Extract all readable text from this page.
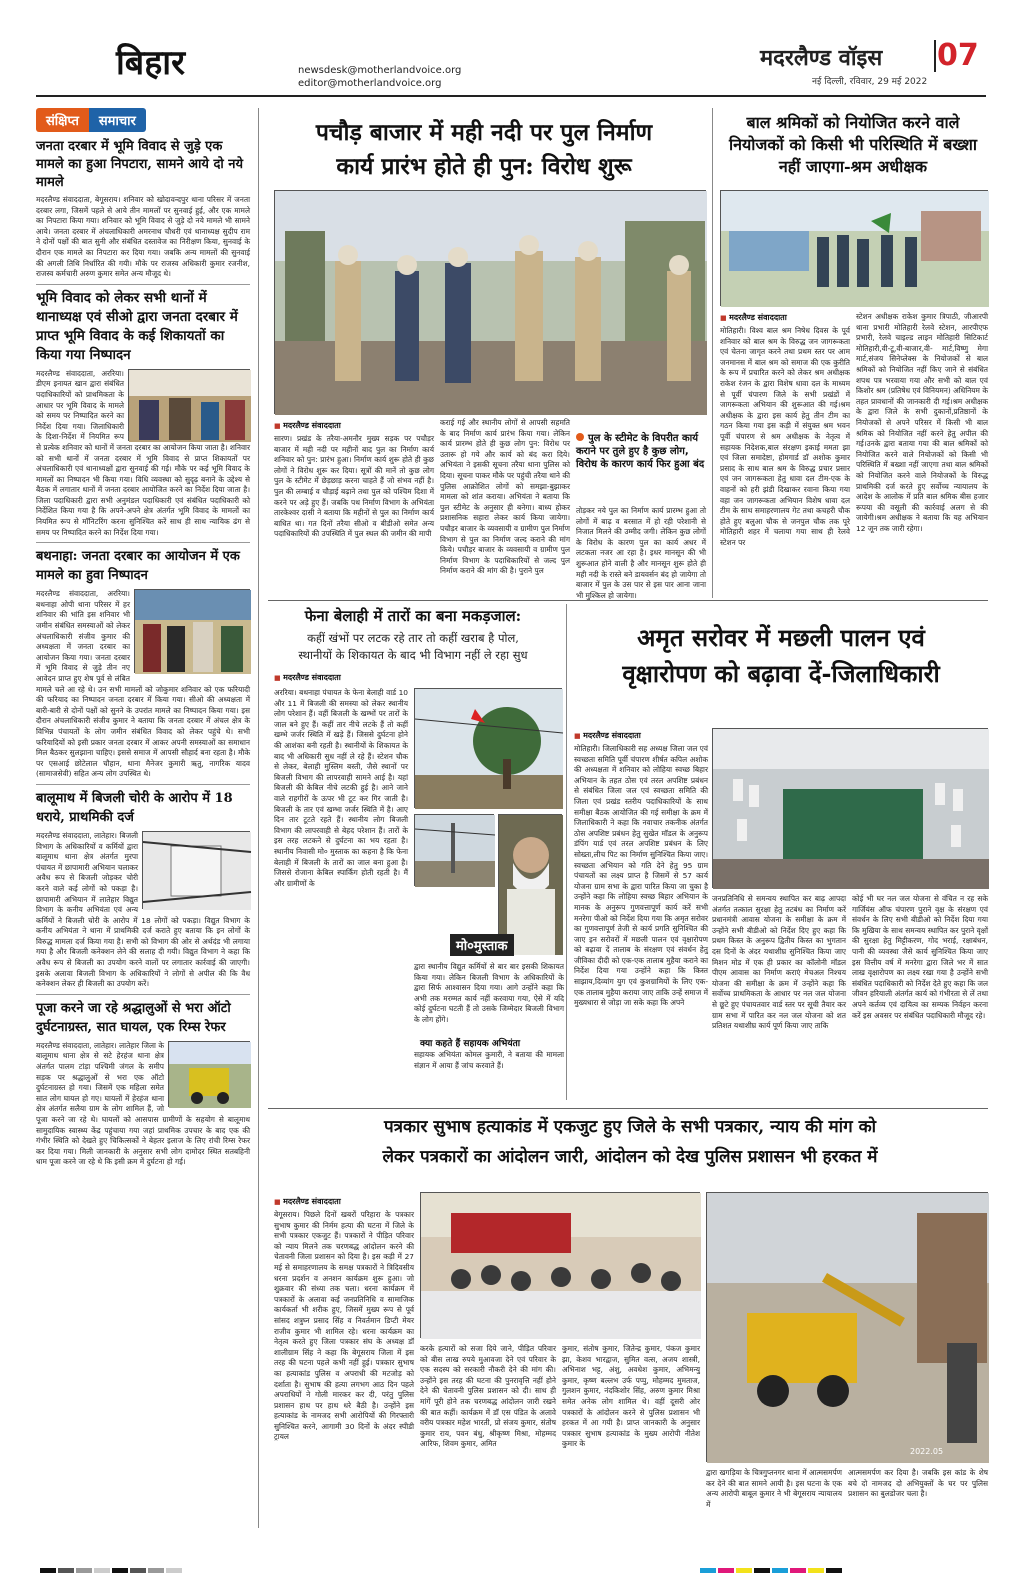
बिहार	newsdesk@motherlandvoice.org
editor@motherlandvoice.org
मदरलैण्ड वॉइस 07
नई दिल्ली, रविवार, 29 मई 2022
संक्षिप्त समाचार
जनता दरबार में भूमि विवाद से जुड़े एक मामले का हुआ निपटारा, सामने आये दो नये मामले
मदरलैण्ड संवाददाता, बेगूसराय। शनिवार को खोदावन्दपुर थाना परिसर में जनता दरबार लगा, जिसमें पहले से आये तीन मामलों पर सुनवाई हुई, और एक मामले का निपटारा किया गया। शनिवार को भूमि विवाद से जुड़े दो नये मामले भी सामने आये। जनता दरबार में अंचलाधिकारी अमरनाथ चौधरी एवं थानाध्यक्ष सुदीप राम ने दोनों पक्षों की बात सुनी और संबंधित दस्तावेज का निरीक्षण किया, सुनवाई के दौरान एक मामले का निपटारा कर दिया गया। जबकि अन्य मामलों की सुनवाई की अगली तिथि निर्धारित की गयी। मौके पर राजस्व अधिकारी कुमार रजनीश, राजस्व कर्मचारी अरुण कुमार समेत अन्य मौजूद थे।
भूमि विवाद को लेकर सभी थानों में थानाध्यक्ष एवं सीओ द्वारा जनता दरबार में प्राप्त भूमि विवाद के कई शिकायतों का किया गया निष्पादन
मदरलैण्ड संवाददाता, अररिया। डीएम इनायत खान द्वारा संबंधित पदाधिकारियों को प्राथमिकता के आधार पर भूमि विवाद के मामले को समय पर निष्पादित करने का निर्देश दिया गया। जिलाधिकारी के दिशा-निर्देश में नियमित रूप से प्रत्येक शनिवार को थानों में जनता दरबार का आयोजन किया जाता है। शनिवार को सभी थानों में जनता दरबार में भूमि विवाद से प्राप्त शिकायतों पर अंचलाधिकारी एवं थानाध्यक्षों द्वारा सुनवाई की गई। मौके पर कई भूमि विवाद के मामलों का निष्पादन भी किया गया। विधि व्यवस्था को सुदृढ़ बनाने के उद्देश्य से बैठक में लगातार थानों में जनता दरबार आयोजित करने का निर्देश दिया जाता है। जिला पदाधिकारी द्वारा सभी अनुमंडल पदाधिकारी एवं संबंधित पदाधिकारी को निर्देशित किया गया है कि अपने-अपने क्षेत्र अंतर्गत भूमि विवाद के मामलों का नियमित रूप से मॉनिटरिंग करना सुनिश्चित करें साथ ही साथ न्यायिक ढंग से समय पर निष्पादित करने का निर्देश दिया गया।
बथनाहा: जनता दरबार का आयोजन में एक मामले का हुवा निष्पादन
मदरलैण्ड संवाददाता, अररिया। बथनाहा ओपी थाना परिसर में हर शनिवार की भांति इस शनिवार भी जमीन संबंधित समस्याओं को लेकर अंचलाधिकारी संजीव कुमार की अध्यक्षता में जनता दरबार का आयोजन किया गया। जनता दरबार में भूमि विवाद से जुड़े तीन नए आवेदन प्राप्त हुए शेष पूर्व से लंबित मामले चले आ रहे थे। उन सभी मामलों को जोकुमार शनिवार को एक फरियादी की फरियाद का निष्पादन जनता दरबार में किया गया। सीओ की अध्यक्षता में बारी-बारी से दोनों पक्षों को सुनने के उपरांत मामले का निष्पादन किया गया। इस दौरान अंचलाधिकारी संजीव कुमार ने बताया कि जनता दरबार में अंचल क्षेत्र के विभिन्न पंचायतों के लोग जमीन संबंधित विवाद को लेकर पहुंचे थे। सभी फरियादियों को इसी प्रकार जनता दरबार में आकर अपनी समस्याओं का समाधान मिल बैठकर सुलझाना चाहिए। इससे समाज में आपसी सौहार्द बना रहता है। मौके पर एसआई छोटेलाल चौहान, थाना मैनेजर कुमारी ऋतु, नागरिक यादव (सामाजसेवी) सहित अन्य लोग उपस्थित थे।
बालूमाथ में बिजली चोरी के आरोप में 18 धराये, प्राथमिकी दर्ज
मदरलैण्ड संवाददाता, लातेहार। बिजली विभाग के अधिकारियों व कर्मियों द्वारा बालूमाथ थाना क्षेत्र अंतर्गत मुरपा पंचायत में छापामारी अभियान चलाकर अवैध रूप से बिजली जोड़कर चोरी करने वाले कई लोगों को पकड़ा है। छापामारी अभियान में लातेहार विद्युत विभाग के कनीय अभियंता एवं अन्य कर्मियों ने बिजली चोरी के आरोप में 18 लोगों को पकड़ा। विद्युत विभाग के कनीय अभियंता ने थाना में प्राथमिकी दर्ज कराते हुए बताया कि इन लोगों के विरुद्ध मामला दर्ज किया गया है। सभी को विभाग की ओर से अर्थदंड भी लगाया गया है और बिजली कनेक्शन लेने की सलाह दी गयी। विद्युत विभाग ने कहा कि अवैध रूप से बिजली का उपयोग करने वालों पर लगातार कार्रवाई की जाएगी। इसके अलावा बिजली विभाग के अधिकारियों ने लोगों से अपील की कि वैध कनेक्शन लेकर ही बिजली का उपयोग करें।
पूजा करने जा रहे श्रद्धालुओं से भरा ऑटो दुर्घटनाग्रस्त, सात घायल, एक रिम्स रेफर
मदरलैण्ड संवाददाता, लातेहार। लातेहार जिला के बालूमाथ थाना क्षेत्र से सटे हेरहंज थाना क्षेत्र अंतर्गत पालम टांड़ा पश्चिमी जंगल के समीप सड़क पर श्रद्धालुओं से भरा एक ऑटो दुर्घटनाग्रस्त हो गया। जिसमें एक महिला समेत सात लोग घायल हो गए। घायलों में हेरहंज थाना क्षेत्र अंतर्गत सलैया ग्राम के लोग शामिल हैं, जो पूजा करने जा रहे थे। घायलों को आसपास ग्रामीणों के सहयोग से बालूमाथ सामुदायिक स्वास्थ्य केंद्र पहुंचाया गया जहां प्राथमिक उपचार के बाद एक की गंभीर स्थिति को देखते हुए चिकित्सकों ने बेहतर इलाज के लिए रांची रिम्स रेफर कर दिया गया। मिली जानकारी के अनुसार सभी लोग दामोदर स्थित सतबहिनी धाम पूजा करने जा रहे थे कि इसी क्रम में दुर्घटना हो गई।
पचौड़ बाजार में मही नदी पर पुल निर्माण
कार्य प्रारंभ होते ही पुन: विरोध शुरू
■ मदरलैण्ड संवाददाता
सारण। प्रखंड के तरैया-अमनौर मुख्य सड़क पर पचौड़र बाजार में मही नदी पर महीनों बाद पुल का निर्माण कार्य शनिवार को पुन: प्रारंभ हुआ। निर्माण कार्य शुरू होते ही कुछ लोगों ने विरोध शुरू कर दिया। सूत्रों की मानें तो कुछ लोग पुल के स्टीमेट में छेड़छाड़ करना चाहते हैं जो संभव नहीं है। पुल की लम्बाई व चौड़ाई बढ़ाने तथा पुल को पश्चिम दिशा में करने पर अड़े हुए हैं। जबकि पथ निर्माण विभाग के अभियंता तारकेश्वर दासी ने बताया कि महीनों से पुल का निर्माण कार्य बाधित था। गत दिनों तरैया सीओ व बीडीओ समेत अन्य पदाधिकारियों की उपस्थिति में पुल स्थल की जमीन की मापी
कराई गई और स्थानीय लोगों से आपसी सहमति के बाद निर्माण कार्य प्रारंभ किया गया। लेकिन कार्य प्रारम्भ होते ही कुछ लोग पुन: विरोध पर उतारू हो गये और कार्य को बंद करा दिये। अभियंता ने इसकी सूचना तरैया थाना पुलिस को दिया। सूचना पाकर मौके पर पहुंची तरैया थाने की पुलिस आक्रोशित लोगों को समझा-बुझाकर मामला को शांत कराया। अभियंता ने बताया कि पुल स्टीमेट के अनुसार ही बनेगा। बाध्य होकर प्रशासनिक सहारा लेकर कार्य किया जायेगा। पचौड़र बाजार के व्यवसायी व ग्रामीण पुल निर्माण विभाग से पुल का निर्माण जल्द कराने की मांग किये। पचौड़र बाजार के व्यवसायी व ग्रामीण पुल निर्माण विभाग के पदाधिकारियों से जल्द पुल निर्माण कराने की मांग की है। पुराने पुल
पुल के स्टीमेट के विपरीत कार्य कराने पर तुले हुए है कुछ लोग, विरोध के कारण कार्य फिर हुआ बंद
तोड़कर नये पुल का निर्माण कार्य प्रारम्भ हुआ तो लोगों में बाढ़ व बरसात में हो रही परेशानी से निजात मिलने की उम्मीद जगी। लेकिन कुछ लोगों के विरोध के कारण पुल का कार्य अधर में लटकता नजर आ रहा है। इधर मानसून की भी शुरूआत होने वाली है और मानसून शुरू होते ही मही नदी के रास्ते बने डायवर्सन बंद हो जायेगा तो बाजार में पुल के उस पार से इस पार आना जाना भी मुश्किल हो जायेगा।
बाल श्रमिकों को नियोजित करने वाले नियोजकों को किसी भी परिस्थिति में बख्शा नहीं जाएगा-श्रम अधीक्षक
■ मदरलैण्ड संवाददाता
मोतिहारी। विश्व बाल श्रम निषेध दिवस के पूर्व शनिवार को बाल श्रम के विरुद्ध जन जागरूकता एवं चेतना जागृत करने तथा प्रथम स्तर पर आम जनमानस में बाल श्रम को समाज की एक कुरीति के रूप में प्रचारित करने को लेकर श्रम अधीक्षक राकेश रंजन के द्वारा विशेष धावा दल के माध्यम से पूर्वी चंपारण जिले के सभी प्रखंडों में जागरूकता अभियान की शुरूआत की गई।श्रम अधीक्षक के द्वारा इस कार्य हेतु तीन टीम का गठन किया गया इस कड़ी में संयुक्त श्रम भवन पूर्वी चंपारण से श्रम अधीक्षक के नेतृत्व में सहायक निदेशक,बाल संरक्षण इकाई ममता झा एवं जिला समादेष्टा, होमगार्ड डॉ अशोक कुमार प्रसाद के साथ बाल श्रम के विरुद्ध प्रचार प्रसार एवं जन जागरूकता हेतु धावा दल टीम-एक के वाहनों को हरी झंडी दिखाकर रवाना किया गया वहा जन जागरूकता अभियान विशेष धावा दल टीम के साथ समाहरणालय गेट तथा कचहरी चौक होते हुए बलुआ चौक से जनपुल चौक तक पूरे मोतिहारी शहर में चलाया गया साथ ही रेलवे स्टेशन पर
स्टेशन अधीक्षक राकेश कुमार त्रिपाठी, जीआरपी थाना प्रभारी मोतिहारी रेलवे स्टेशन, आरपीएफ प्रभारी, रेलवे चाइल्ड लाइन मोतिहारी सिटिकार्ट मोतिहारी,वी-टू,वी-बाजार,वी- मार्ट,विष्णु मेगा मार्ट,संजय सिनेप्लेक्स के नियोजकों से बाल श्रमिकों को नियोजित नहीं किए जाने से संबंधित शपथ पत्र भरवाया गया और सभी को बाल एवं किशोर श्रम (प्रतिषेध एवं विनियमन) अधिनियम के तहत प्रावधानों की जानकारी दी गई।श्रम अधीक्षक के द्वारा जिले के सभी दुकानों,प्रतिष्ठानों के नियोजकों से अपने परिसर में किसी भी बाल श्रमिक को नियोजित नहीं करने हेतु अपील की गई।उनके द्वारा बताया गया की बाल श्रमिकों को नियोजित करने वाले नियोजकों को किसी भी परिस्थिति में बख्शा नहीं जाएगा तथा बाल श्रमिकों को नियोजित करने वाले नियोजकों के विरुद्ध प्राथमिकी दर्ज करते हुए सर्वोच्च न्यायालय के आदेश के आलोक में प्रति बाल श्रमिक बीस हजार रूपया की वसूली की कार्रवाई अलग से की जायेगी।श्रम अधीक्षक ने बताया कि यह अभियान 12 जून तक जारी रहेगा।
फेना बेलाही में तारों का बना मकड़जाल:
कहीं खंभों पर लटक रहे तार तो कहीं खराब है पोल,
स्थानीयों के शिकायत के बाद भी विभाग नहीं ले रहा सुध
■ मदरलैण्ड संवाददाता
अररिया। बथनाहा पंचायत के फेना बेलाही वार्ड 10 और 11 में बिजली की समस्या को लेकर स्थानीय लोग परेशान हैं। वहीं बिजली के खम्भों पर तारों के जाल बने हुए हैं। कहीं तार नीचे लटके हैं तो कहीं खम्भे जर्जर स्थिति में खड़े हैं। जिससे दुर्घटना होने की आशंका बनी रहती है। स्थानीयों के शिकायत के बाद भी अधिकारी सुध नहीं ले रहे हैं। स्टेशन चौक से लेकर, बेलाही मुस्लिम बस्ती, जैसे स्थानों पर बिजली विभाग की लापरवाही सामने आई है। यहां बिजली की केबिल नीचे लटकी हुई है। आने जाने वाले राहगीरों के ऊपर भी टूट कर गिर जाती है। बिजली के तार एवं खम्भा जर्जर स्थिति में है। आए दिन तार टूटते रहते हैं। स्थानीय लोग बिजली विभाग की लापरवाही से बेहद परेशान हैं। तारों के इस तरह लटकने से दुर्घटना का भय रहता है। स्थानीय निवासी मो० मुस्ताक का कहना है कि फेना बेलाही में बिजली के तारों का जाल बना हुआ है। जिससे रोजाना केबिल स्पार्किंग होती रहती है। मैं और ग्रामीणों के
मो०मुस्ताक
द्वारा स्थानीय विद्युत कर्मियों से बार बार इसकी शिकायत किया गया। लेकिन बिजली विभाग के अधिकारियों के द्वारा सिर्फ आश्वासन दिया गया। आगे उन्होंने कहा कि अभी तक मरम्मत कार्य नहीं करवाया गया, ऐसे में यदि कोई दुर्घटना घटती हैं तो उसके जिम्मेदार बिजली विभाग के लोग होंगे।
क्या कहते हैं सहायक अभियंता
सहायक अभियंता कोमल कुमारी, ने बताया की मामला संज्ञान में आया हैं जांच करवाते हैं।
अमृत सरोवर में मछली पालन एवं
वृक्षारोपण को बढ़ावा दें-जिलाधिकारी
■ मदरलैण्ड संवाददाता
मोतिहारी। जिलाधिकारी सह अध्यक्ष जिला जल एवं स्वच्छता समिति पूर्वी चंपारण शीर्षत कपिल अशोक की अध्यक्षता में शनिवार को लोहिया स्वच्छ बिहार अभियान के तहत ठोस एवं तरल अपशिष्ट प्रबंधन से संबंधित जिला जल एवं स्वच्छता समिति की जिला एवं प्रखंड स्तरीय पदाधिकारियों के साथ समीक्षा बैठक आयोजित की गई समीक्षा के क्रम में जिलाधिकारी ने कहा कि नवाचार तकनीक अंतर्गत ठोस अपशिष्ट प्रबंधन हेतु सुखेत मॉडल के अनुरूप डंपिंग यार्ड एवं तरल अपशिष्ट प्रबंधन के लिए सोख्ता,लीच पिट का निर्माण सुनिश्चित किया जाए।स्वच्छता अभियान को गति देने हेतु 95 ग्राम पंचायतों का लक्ष्य प्राप्त है जिसमें से 57 कार्य योजना ग्राम सभा के द्वारा पारित किया जा चुका है उन्होंने कहा कि लोहिया स्वच्छ बिहार अभियान के मानक के अनुरूप गुणवत्तापूर्ण कार्य करें सभी मनरेगा पीओ को निर्देश दिया गया कि अमृत सरोवर का गुणवत्तापूर्ण तेजी से कार्य प्रगति सुनिश्चित की जाए इन सरोवरों में मछली पालन एवं वृक्षारोपण को बढ़ावा दें तालाब के संरक्षण एवं संवर्धन हेतु जीविका दीदी को एक-एक तालाब मुहैया कराने का निर्देश दिया गया उन्होंने कहा कि किस्त साझाय,दिव्यांग युग एवं कुशग्रामियों के लिए एक-एक तालाब मुहैया कराया जाए ताकि उन्हें समाज में मुख्यधारा से जोड़ा जा सके कहा कि अपने
जनप्रतिनिधि से समन्वय स्थापित कर बाढ़ आपदा अंतर्गत तत्काल सुरक्षा हेतु तटबंध का निर्माण करें प्रधानमंत्री आवास योजना के समीक्षा के क्रम में उन्होंने सभी बीडीओ को निर्देश दिए हुए कहा कि प्रथम किस्त के अनुरूप द्वितीय किस्त का भुगतान दस दिनों के अंदर यथाशीघ्र सुनिश्चित किया जाए मिशन मोड में एक ही प्रकार का कॉलोनी मॉडल पीएम आवास का निर्माण कराएं मेचअल निश्चय योजना की समीक्षा के क्रम में उन्होंने कहा कि सर्वोच्च प्राथमिकता के आधार पर नल जल योजना से छूटे हुए पंचायतवार वार्ड स्तर पर सूची तैयार कर ग्राम सभा में पारित कर नल जल योजना को शत प्रतिशत यथाशीघ्र कार्य पूर्ण किया जाए ताकि
कोई भी घर नल जल योजना से वंचित न रह सके गार्जियंस ऑफ चंपारण पुराने वृक्ष के संरक्षण एवं संवर्धन के लिए सभी बीडीओ को निर्देश दिया गया कि मुखिया के साथ समन्वय स्थापित कर पुराने वृक्षों की सुरक्षा हेतु मिट्टीकरण, गोद भराई, रक्षाबंधन, पानी की व्यवस्था जैसे कार्य सुनिश्चित किया जाए इस वित्तीय वर्ष में मनरेगा द्वारा जिले भर में सात लाख वृक्षारोपण का लक्ष्य रखा गया है उन्होंने सभी संबंधित पदाधिकारी को निर्देश देते हुए कहा कि जल जीवन हरियाली अंतर्गत कार्य को गंभीरता से लें तथा अपने कर्तव्य एवं दायित्व का सम्यक निर्वहन करना करें इस अवसर पर संबंधित पदाधिकारी मौजूद रहे।
पत्रकार सुभाष हत्याकांड में एकजुट हुए जिले के सभी पत्रकार, न्याय की मांग को
लेकर पत्रकारों का आंदोलन जारी, आंदोलन को देख पुलिस प्रशासन भी हरकत में
■ मदरलैण्ड संवाददाता
बेगूसराय। पिछले दिनों खबरों परिहारा के पत्रकार सुभाष कुमार की निर्मम हत्या की घटना में जिले के सभी पत्रकार एकजुट हैं। पत्रकारों ने पीड़ित परिवार को न्याय मिलने तक चरणबद्ध आंदोलन करने की चेतावनी जिला प्रशासन को दिया है। इस कड़ी में 27 मई से समाहरणालय के समक्ष पत्रकारों ने त्रिदिवसीय धरना प्रदर्शन व अनशन कार्यक्रम शुरू हुआ। जो शुक्रवार की संध्या तक चला। धरना कार्यक्रम में पत्रकारों के अलावा कई जनप्रतिनिधि व सामाजिक कार्यकर्ता भी शरीक हुए, जिसमें मुख्य रूप से पूर्व सांसद शत्रुघ्न प्रसाद सिंह व निवर्तमान डिप्टी मेयर राजीव कुमार भी शामिल रहे। धरना कार्यक्रम का नेतृत्व करते हुए जिला पत्रकार संघ के अध्यक्ष डॉ शालीग्राम सिंह ने कहा कि बेगूसराय जिला में इस तरह की घटना पहले कभी नहीं हुई। पत्रकार सुभाष का हत्याकांड पुलिस व अपराधी की मटजोड़ को दर्शाता है। सुभाष की हत्या लगभग आठ दिन पहले अपराधियों ने गोली मारकर कर दी, परंतु पुलिस प्रशासन हाथ पर हाथ धरे बैठी है। उन्होंने इस हत्याकांड के नामजद सभी आरोपियों की गिरफ्तारी सुनिश्चित करने, आगामी 30 दिनों के अंदर स्पीडी ट्रायल
करके हत्यारों को सजा दिये जाने, पीड़ित परिवार को बीस लाख रुपये मुआवजा देने एवं परिवार के एक सदस्य को सरकारी नौकरी देने की मांग की। उन्होंने इस तरह की घटना की पुनरावृत्ति नहीं होने देने की चेतावनी पुलिस प्रशासन को दी। साथ ही मांगें पूरी होने तक चरणबद्ध आंदोलन जारी रखने की बात कहीं। कार्यक्रम में डॉ एस पंडित के अलावे वरीय पत्रकार महेश भारती, प्रो संजय कुमार, संतोष कुमार राय, पवन बंधु, श्रीकृष्ण मिश्रा, मोहम्मद आरिफ, शिवम कुमार, अमित
कुमार, संतोष कुमार, जितेन्द्र कुमार, पंकज कुमार झा, केशव भारद्वाज, सुमित वत्स, अजय शास्त्री, अभिनाश भट्ट, अंशु, अवधेश कुमार, अभिमन्यु कुमार, कृष्ण बल्लभ उर्फ पप्पु, मोहम्मद मुमताज, गुलशन कुमार, नंदकिशोर सिंह, अरुण कुमार मिश्रा समेत अनेक लोग शामिल थे। वहीं दूसरी ओर पत्रकारों के आंदोलन करने से पुलिस प्रशासन भी हरकत में आ गयी है। प्राप्त जानकारी के अनुसार पत्रकार सुभाष हत्याकांड के मुख्य आरोपी नीतेश कुमार के
2022.05
द्वारा खगड़िया के चित्रगुप्तनगर थाना में आत्मसमर्पण कर देने की बात सामने आयी है। इस घटना के एक अन्य आरोपी बाबूल कुमार ने भी बेगूसराय न्यायालय में
आत्मसमर्पण कर दिया है। जबकि इस कांड के शेष बचे दो नामजद दो अभियुक्तों के घर पर पुलिस प्रशासन का बुलडोजर चला है।
